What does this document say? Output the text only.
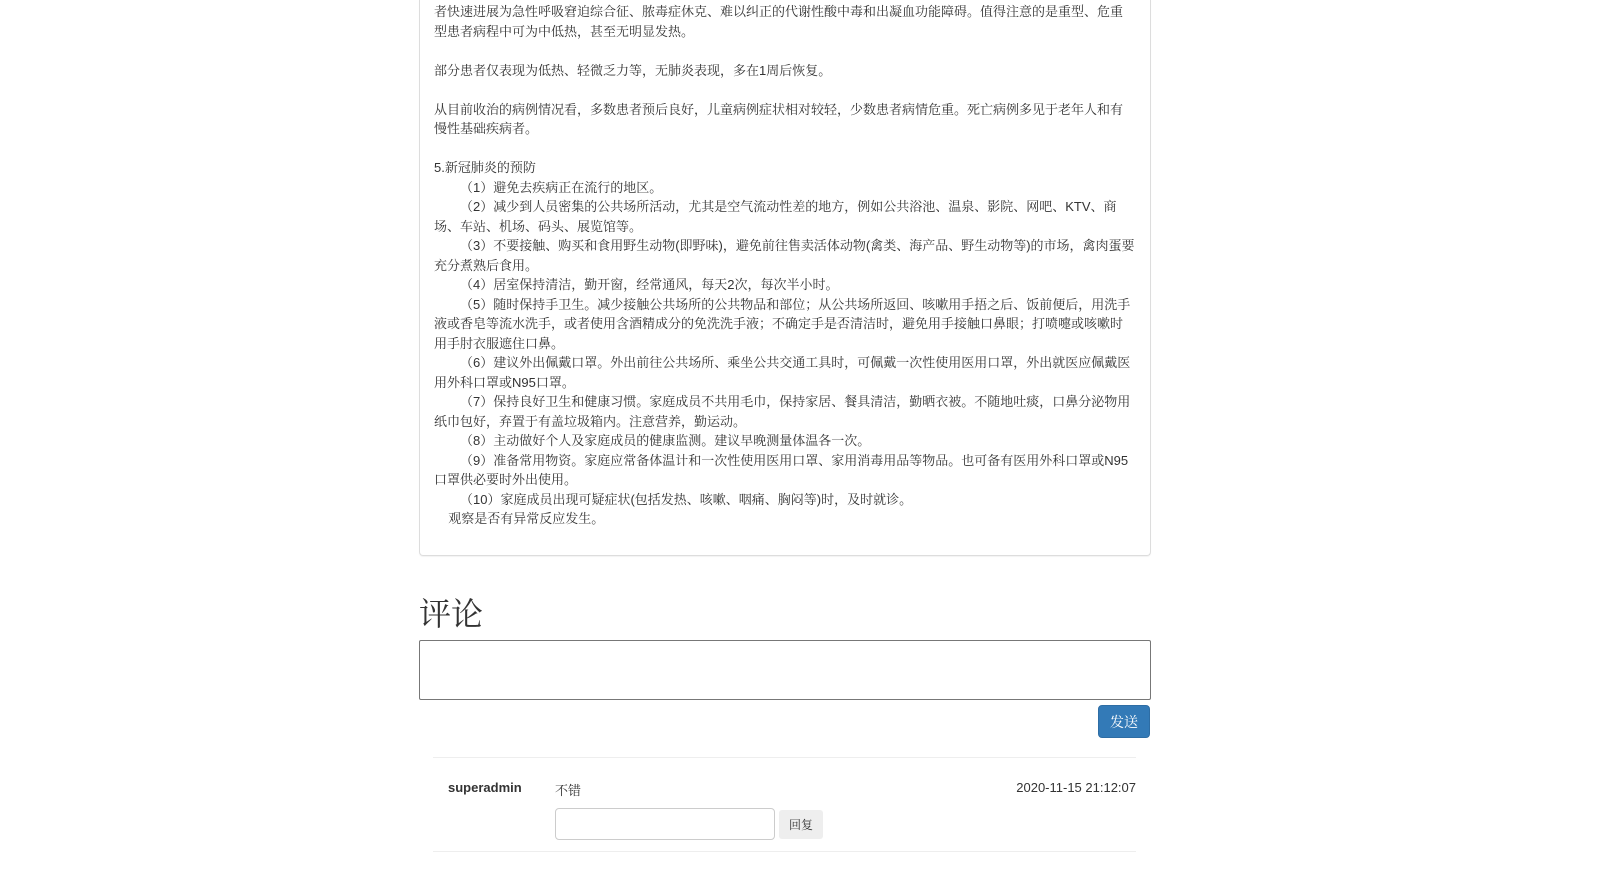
者快速进展为急性呼吸窘迫综合征、脓毒症休克、难以纠正的代谢性酸中毒和出凝血功能障碍。值得注意的是重型、危重型患者病程中可为中低热，甚至无明显发热。

部分患者仅表现为低热、轻微乏力等，无肺炎表现，多在1周后恢复。

从目前收治的病例情况看，多数患者预后良好，儿童病例症状相对较轻，少数患者病情危重。死亡病例多见于老年人和有慢性基础疾病者。

5.新冠肺炎的预防

（1）避免去疾病正在流行的地区。

（2）减少到人员密集的公共场所活动，尤其是空气流动性差的地方，例如公共浴池、温泉、影院、网吧、KTV、商场、车站、机场、码头、展览馆等。

（3）不要接触、购买和食用野生动物(即野味)，避免前往售卖活体动物(禽类、海产品、野生动物等)的市场，禽肉蛋要充分煮熟后食用。

（4）居室保持清洁，勤开窗，经常通风，每天2次，每次半小时。

（5）随时保持手卫生。减少接触公共场所的公共物品和部位；从公共场所返回、咳嗽用手捂之后、饭前便后，用洗手液或香皂等流水洗手，或者使用含酒精成分的免洗洗手液；不确定手是否清洁时，避免用手接触口鼻眼；打喷嚏或咳嗽时用手肘衣服遮住口鼻。

（6）建议外出佩戴口罩。外出前往公共场所、乘坐公共交通工具时，可佩戴一次性使用医用口罩，外出就医应佩戴医用外科口罩或N95口罩。

（7）保持良好卫生和健康习惯。家庭成员不共用毛巾，保持家居、餐具清洁，勤晒衣被。不随地吐痰，口鼻分泌物用纸巾包好，弃置于有盖垃圾箱内。注意营养，勤运动。

（8）主动做好个人及家庭成员的健康监测。建议早晚测量体温各一次。

（9）准备常用物资。家庭应常备体温计和一次性使用医用口罩、家用消毒用品等物品。也可备有医用外科口罩或N95口罩供必要时外出使用。

（10）家庭成员出现可疑症状(包括发热、咳嗽、咽痛、胸闷等)时，及时就诊。

观察是否有异常反应发生。

评论
发送
superadmin	不错	2020-11-15 21:12:07
回复
